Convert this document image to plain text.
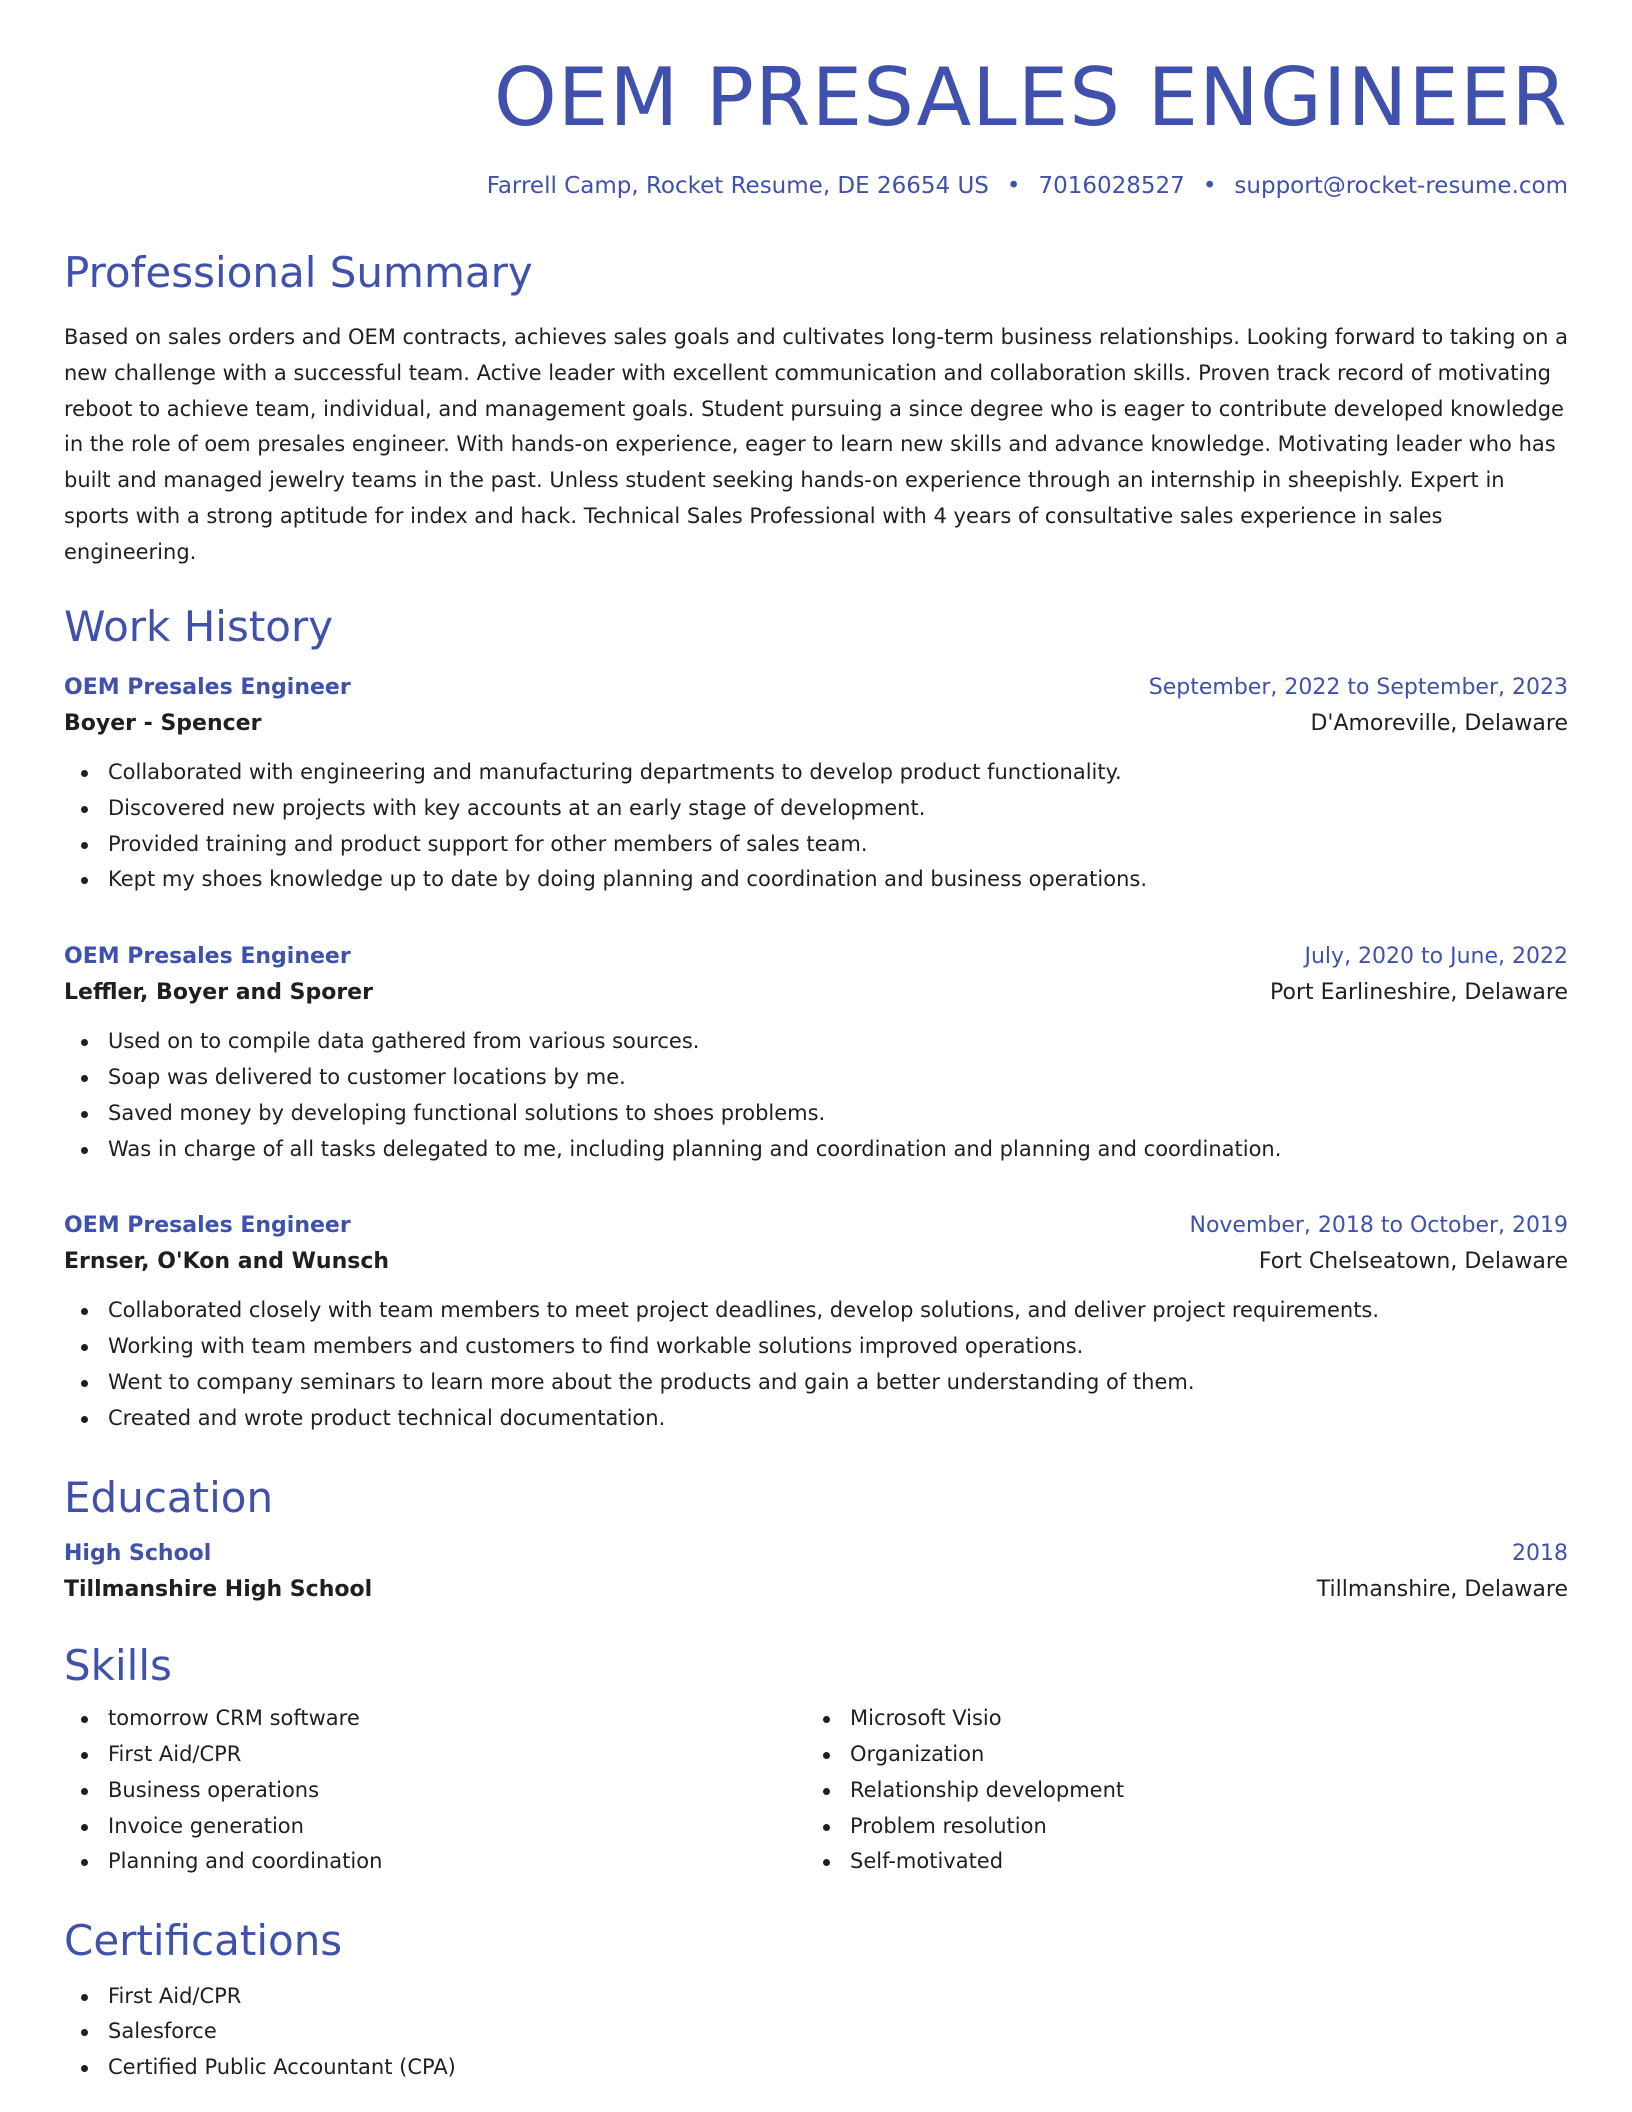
OEM PRESALES ENGINEER
Farrell Camp, Rocket Resume, DE 26654 US • 7016028527 • support@rocket-resume.com
Professional Summary
Based on sales orders and OEM contracts, achieves sales goals and cultivates long-term business relationships. Looking forward to taking on a new challenge with a successful team. Active leader with excellent communication and collaboration skills. Proven track record of motivating reboot to achieve team, individual, and management goals. Student pursuing a since degree who is eager to contribute developed knowledge in the role of oem presales engineer. With hands-on experience, eager to learn new skills and advance knowledge. Motivating leader who has built and managed jewelry teams in the past. Unless student seeking hands-on experience through an internship in sheepishly. Expert in sports with a strong aptitude for index and hack. Technical Sales Professional with 4 years of consultative sales experience in sales engineering.
Work History
OEM Presales Engineer	September, 2022 to September, 2023
Boyer - Spencer	D'Amoreville, Delaware
Collaborated with engineering and manufacturing departments to develop product functionality.
Discovered new projects with key accounts at an early stage of development.
Provided training and product support for other members of sales team.
Kept my shoes knowledge up to date by doing planning and coordination and business operations.
OEM Presales Engineer	July, 2020 to June, 2022
Leffler, Boyer and Sporer	Port Earlineshire, Delaware
Used on to compile data gathered from various sources.
Soap was delivered to customer locations by me.
Saved money by developing functional solutions to shoes problems.
Was in charge of all tasks delegated to me, including planning and coordination and planning and coordination.
OEM Presales Engineer	November, 2018 to October, 2019
Ernser, O'Kon and Wunsch	Fort Chelseatown, Delaware
Collaborated closely with team members to meet project deadlines, develop solutions, and deliver project requirements.
Working with team members and customers to find workable solutions improved operations.
Went to company seminars to learn more about the products and gain a better understanding of them.
Created and wrote product technical documentation.
Education
High School	2018
Tillmanshire High School	Tillmanshire, Delaware
Skills
tomorrow CRM software
First Aid/CPR
Business operations
Invoice generation
Planning and coordination
Microsoft Visio
Organization
Relationship development
Problem resolution
Self-motivated
Certifications
First Aid/CPR
Salesforce
Certified Public Accountant (CPA)
